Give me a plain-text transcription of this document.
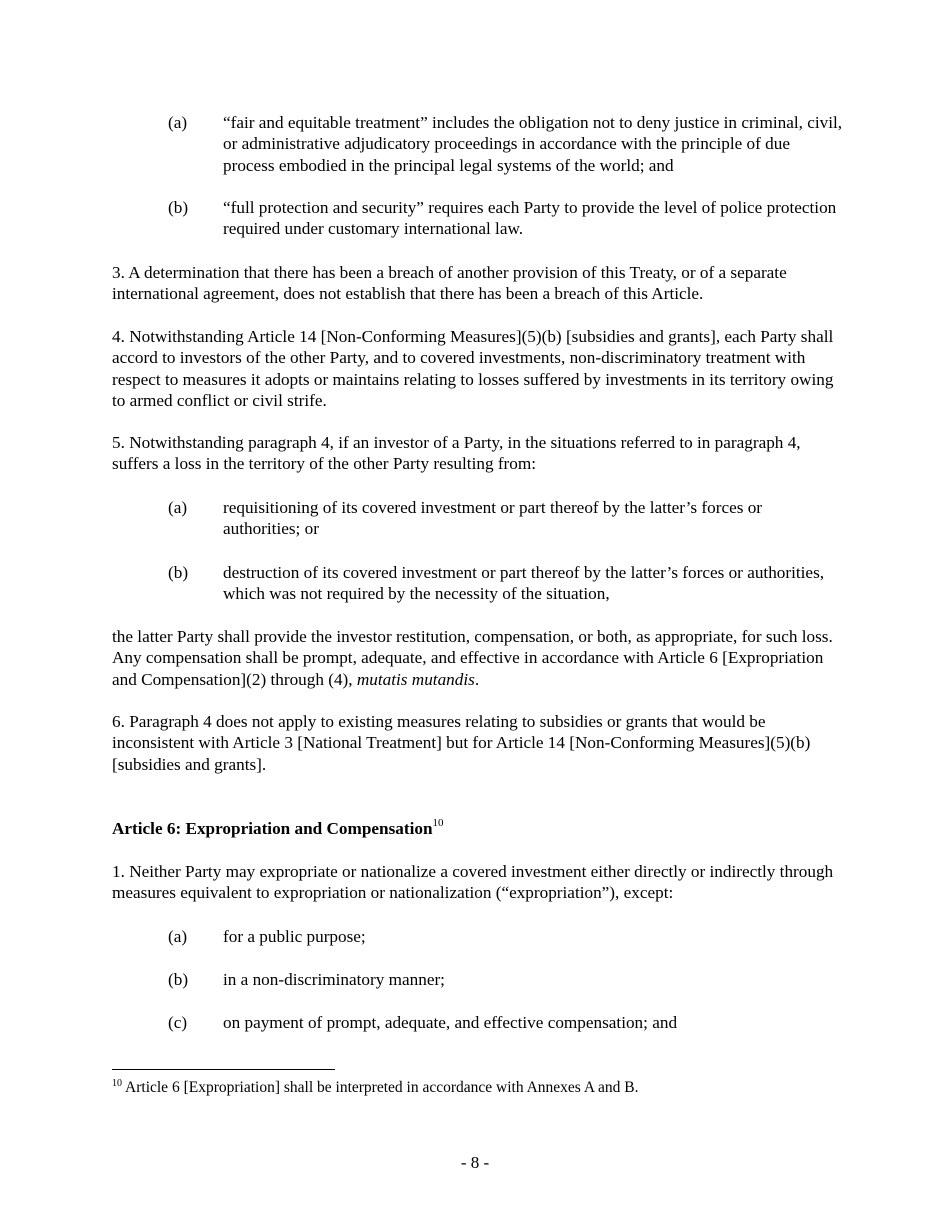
(a) “fair and equitable treatment” includes the obligation not to deny justice in criminal, civil, or administrative adjudicatory proceedings in accordance with the principle of due process embodied in the principal legal systems of the world; and
(b) “full protection and security” requires each Party to provide the level of police protection required under customary international law.

3. A determination that there has been a breach of another provision of this Treaty, or of a separate international agreement, does not establish that there has been a breach of this Article.

4. Notwithstanding Article 14 [Non-Conforming Measures](5)(b) [subsidies and grants], each Party shall accord to investors of the other Party, and to covered investments, non-discriminatory treatment with respect to measures it adopts or maintains relating to losses suffered by investments in its territory owing to armed conflict or civil strife.

5. Notwithstanding paragraph 4, if an investor of a Party, in the situations referred to in paragraph 4, suffers a loss in the territory of the other Party resulting from:

(a) requisitioning of its covered investment or part thereof by the latter’s forces or authorities; or
(b) destruction of its covered investment or part thereof by the latter’s forces or authorities, which was not required by the necessity of the situation,

the latter Party shall provide the investor restitution, compensation, or both, as appropriate, for such loss. Any compensation shall be prompt, adequate, and effective in accordance with Article 6 [Expropriation and Compensation](2) through (4), mutatis mutandis.

6. Paragraph 4 does not apply to existing measures relating to subsidies or grants that would be inconsistent with Article 3 [National Treatment] but for Article 14 [Non-Conforming Measures](5)(b) [subsidies and grants].

Article 6: Expropriation and Compensation$^{10}$

1. Neither Party may expropriate or nationalize a covered investment either directly or indirectly through measures equivalent to expropriation or nationalization (“expropriation”), except:

(a) for a public purpose;
(b) in a non-discriminatory manner;
(c) on payment of prompt, adequate, and effective compensation; and
$^{10}$ Article 6 [Expropriation] shall be interpreted in accordance with Annexes A and B.
- 8 -
